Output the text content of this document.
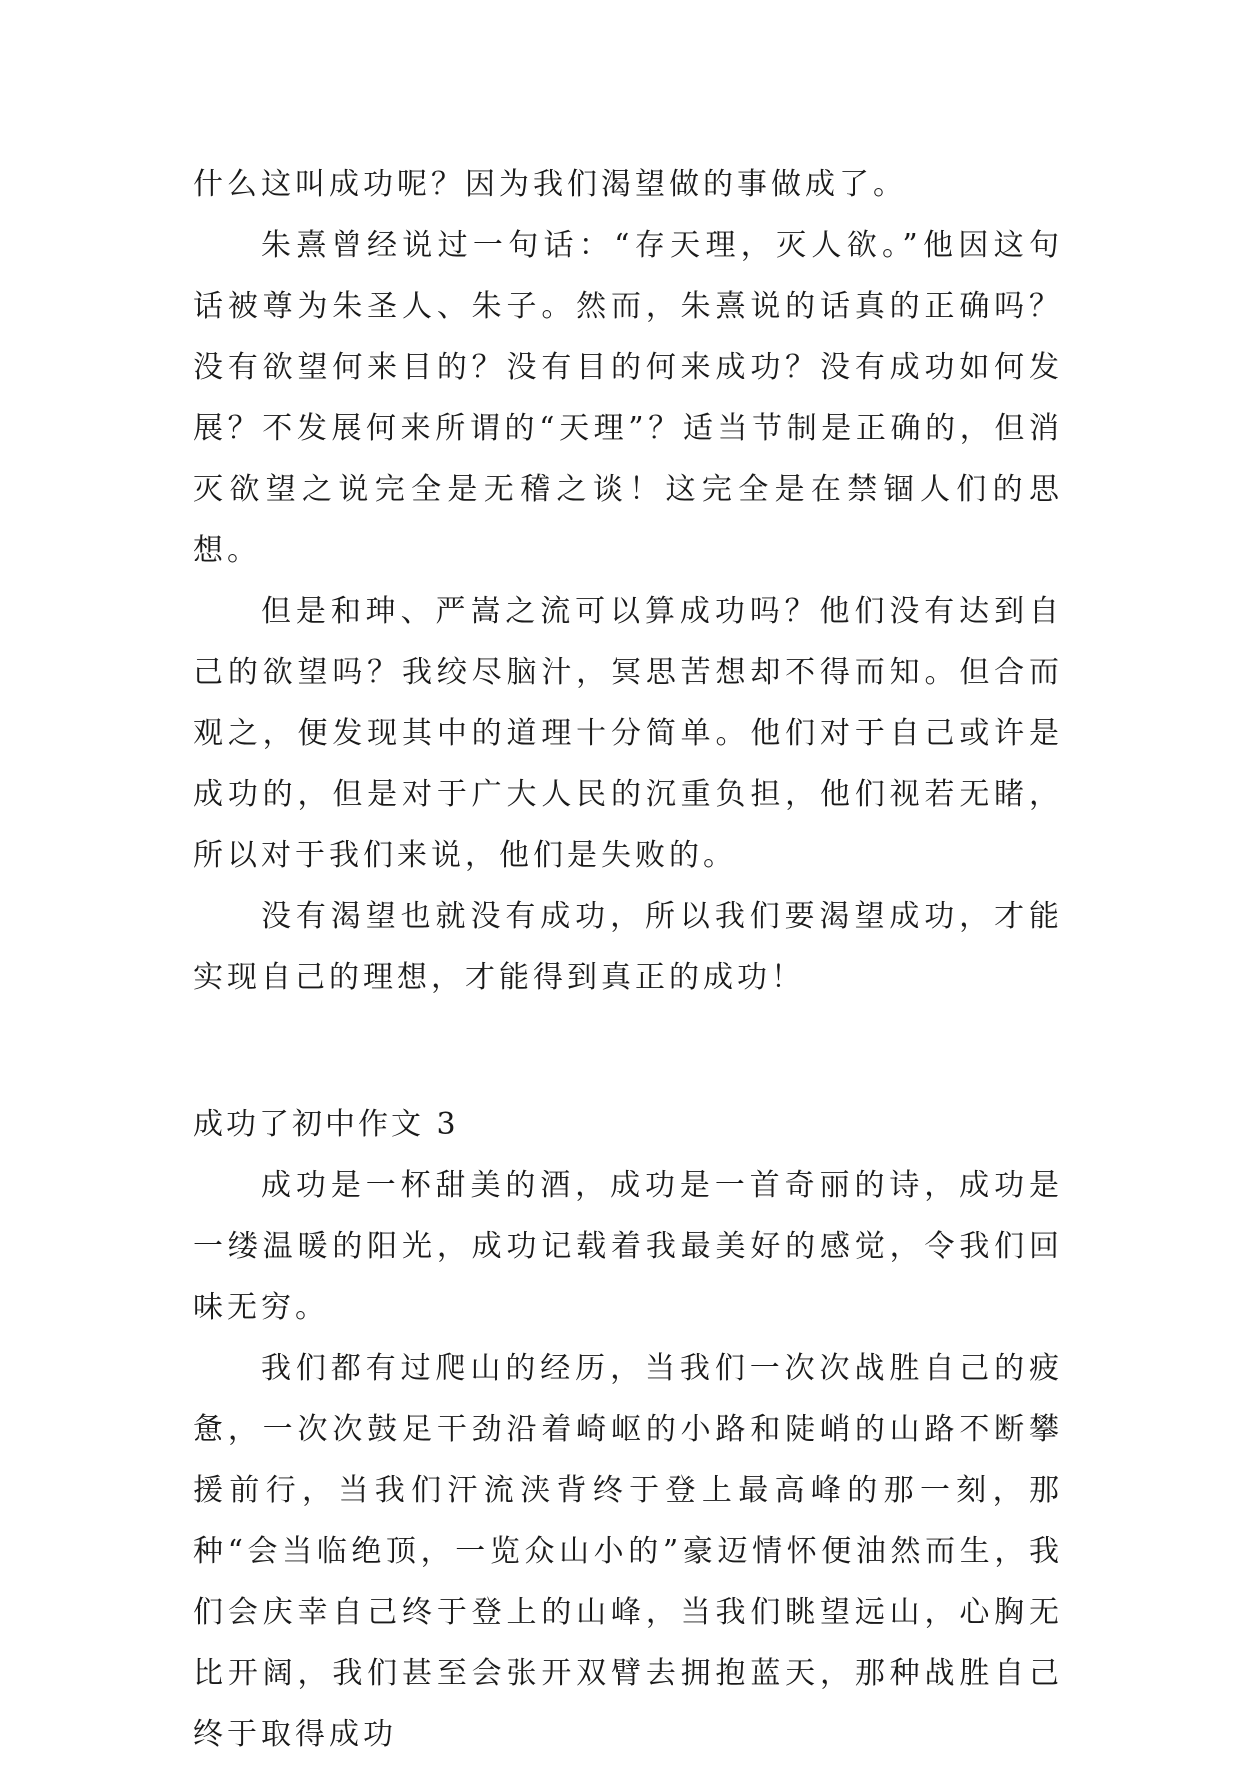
什么这叫成功呢？因为我们渴望做的事做成了。

朱熹曾经说过一句话：“存天理，灭人欲。”他因这句话被尊为朱圣人、朱子。然而，朱熹说的话真的正确吗？没有欲望何来目的？没有目的何来成功？没有成功如何发展？不发展何来所谓的“天理”？适当节制是正确的，但消灭欲望之说完全是无稽之谈！这完全是在禁锢人们的思想。

但是和珅、严嵩之流可以算成功吗？他们没有达到自己的欲望吗？我绞尽脑汁，冥思苦想却不得而知。但合而观之，便发现其中的道理十分简单。他们对于自己或许是成功的，但是对于广大人民的沉重负担，他们视若无睹，所以对于我们来说，他们是失败的。

没有渴望也就没有成功，所以我们要渴望成功，才能实现自己的理想，才能得到真正的成功！

成功了初中作文 3

成功是一杯甜美的酒，成功是一首奇丽的诗，成功是一缕温暖的阳光，成功记载着我最美好的感觉，令我们回味无穷。

我们都有过爬山的经历，当我们一次次战胜自己的疲惫，一次次鼓足干劲沿着崎岖的小路和陡峭的山路不断攀援前行，当我们汗流浃背终于登上最高峰的那一刻，那种“会当临绝顶，一览众山小的”豪迈情怀便油然而生，我们会庆幸自己终于登上的山峰，当我们眺望远山，心胸无比开阔，我们甚至会张开双臂去拥抱蓝天，那种战胜自己终于取得成功
